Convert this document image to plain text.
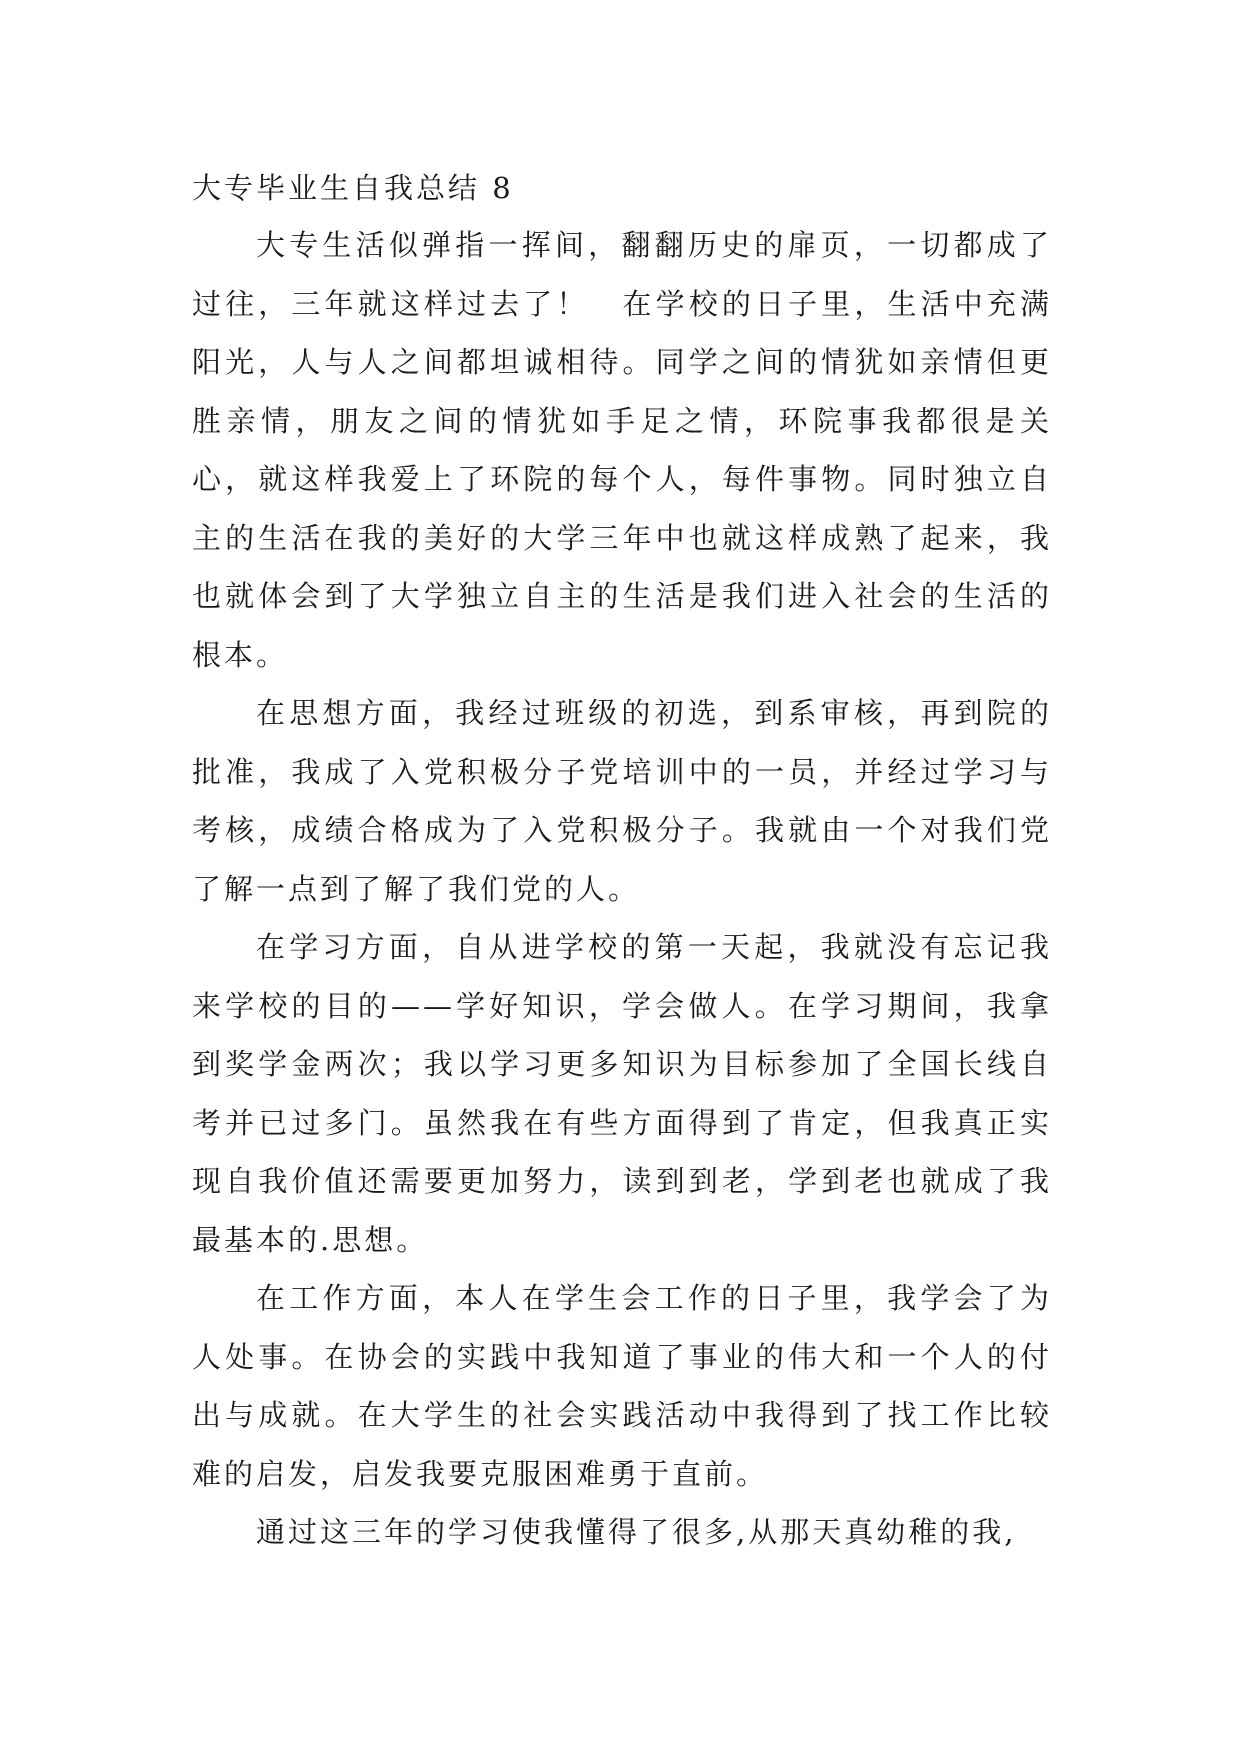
大专毕业生自我总结 8

大专生活似弹指一挥间，翻翻历史的扉页，一切都成了过往，三年就这样过去了！　在学校的日子里，生活中充满阳光，人与人之间都坦诚相待。同学之间的情犹如亲情但更胜亲情，朋友之间的情犹如手足之情，环院事我都很是关心，就这样我爱上了环院的每个人，每件事物。同时独立自主的生活在我的美好的大学三年中也就这样成熟了起来，我也就体会到了大学独立自主的生活是我们进入社会的生活的根本。

在思想方面，我经过班级的初选，到系审核，再到院的批准，我成了入党积极分子党培训中的一员，并经过学习与考核，成绩合格成为了入党积极分子。我就由一个对我们党了解一点到了解了我们党的人。

在学习方面，自从进学校的第一天起，我就没有忘记我来学校的目的——学好知识，学会做人。在学习期间，我拿到奖学金两次；我以学习更多知识为目标参加了全国长线自考并已过多门。虽然我在有些方面得到了肯定，但我真正实现自我价值还需要更加努力，读到到老，学到老也就成了我最基本的.思想。

在工作方面，本人在学生会工作的日子里，我学会了为人处事。在协会的实践中我知道了事业的伟大和一个人的付出与成就。在大学生的社会实践活动中我得到了找工作比较难的启发，启发我要克服困难勇于直前。

通过这三年的学习使我懂得了很多,从那天真幼稚的我,
